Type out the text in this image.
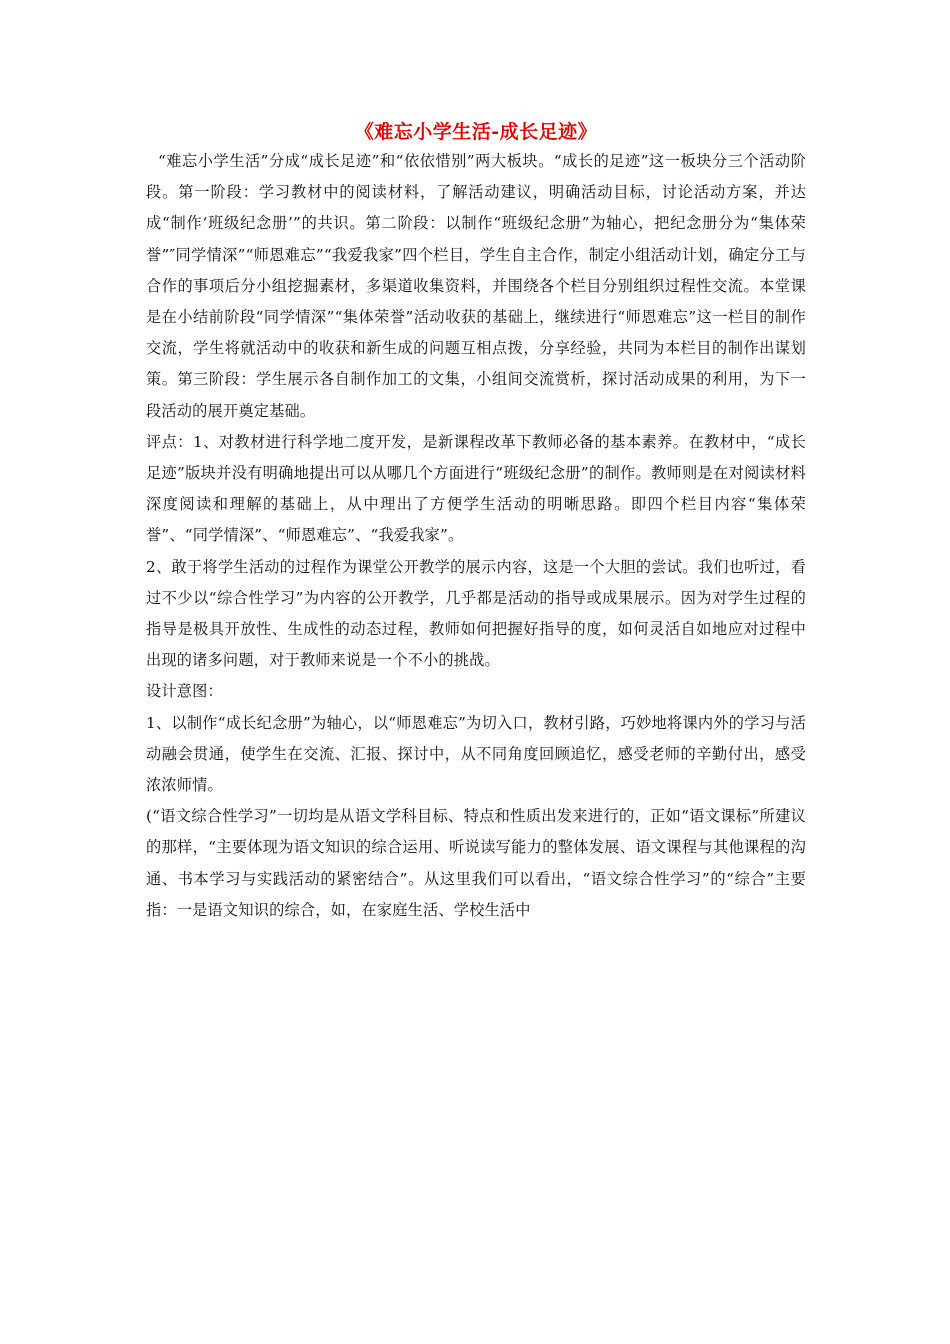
《难忘小学生活-成长足迹》

“难忘小学生活”分成“成长足迹”和“依依惜别”两大板块。“成长的足迹”这一板块分三个活动阶段。第一阶段：学习教材中的阅读材料，了解活动建议，明确活动目标，讨论活动方案，并达成“制作‘班级纪念册’”的共识。第二阶段：以制作“班级纪念册”为轴心，把纪念册分为“集体荣誉”″同学情深”“师恩难忘”“我爱我家”四个栏目，学生自主合作，制定小组活动计划，确定分工与合作的事项后分小组挖掘素材，多渠道收集资料，并围绕各个栏目分别组织过程性交流。本堂课是在小结前阶段“同学情深”“集体荣誉”活动收获的基础上，继续进行“师恩难忘”这一栏目的制作交流，学生将就活动中的收获和新生成的问题互相点拨，分享经验，共同为本栏目的制作出谋划策。第三阶段：学生展示各自制作加工的文集，小组间交流赏析，探讨活动成果的利用，为下一段活动的展开奠定基础。

评点：1、对教材进行科学地二度开发，是新课程改革下教师必备的基本素养。在教材中，“成长足迹”版块并没有明确地提出可以从哪几个方面进行“班级纪念册”的制作。教师则是在对阅读材料深度阅读和理解的基础上，从中理出了方便学生活动的明晰思路。即四个栏目内容“集体荣誉”、“同学情深”、“师恩难忘”、“我爱我家”。

2、敢于将学生活动的过程作为课堂公开教学的展示内容，这是一个大胆的尝试。我们也听过，看过不少以“综合性学习”为内容的公开教学，几乎都是活动的指导或成果展示。因为对学生过程的指导是极具开放性、生成性的动态过程，教师如何把握好指导的度，如何灵活自如地应对过程中出现的诸多问题，对于教师来说是一个不小的挑战。

设计意图：

1、以制作“成长纪念册”为轴心，以“师恩难忘”为切入口，教材引路，巧妙地将课内外的学习与活动融会贯通，使学生在交流、汇报、探讨中，从不同角度回顾追忆，感受老师的辛勤付出，感受浓浓师情。

(“语文综合性学习”一切均是从语文学科目标、特点和性质出发来进行的，正如“语文课标”所建议的那样，“主要体现为语文知识的综合运用、听说读写能力的整体发展、语文课程与其他课程的沟通、书本学习与实践活动的紧密结合”。从这里我们可以看出，“语文综合性学习”的“综合”主要指：一是语文知识的综合，如，在家庭生活、学校生活中
